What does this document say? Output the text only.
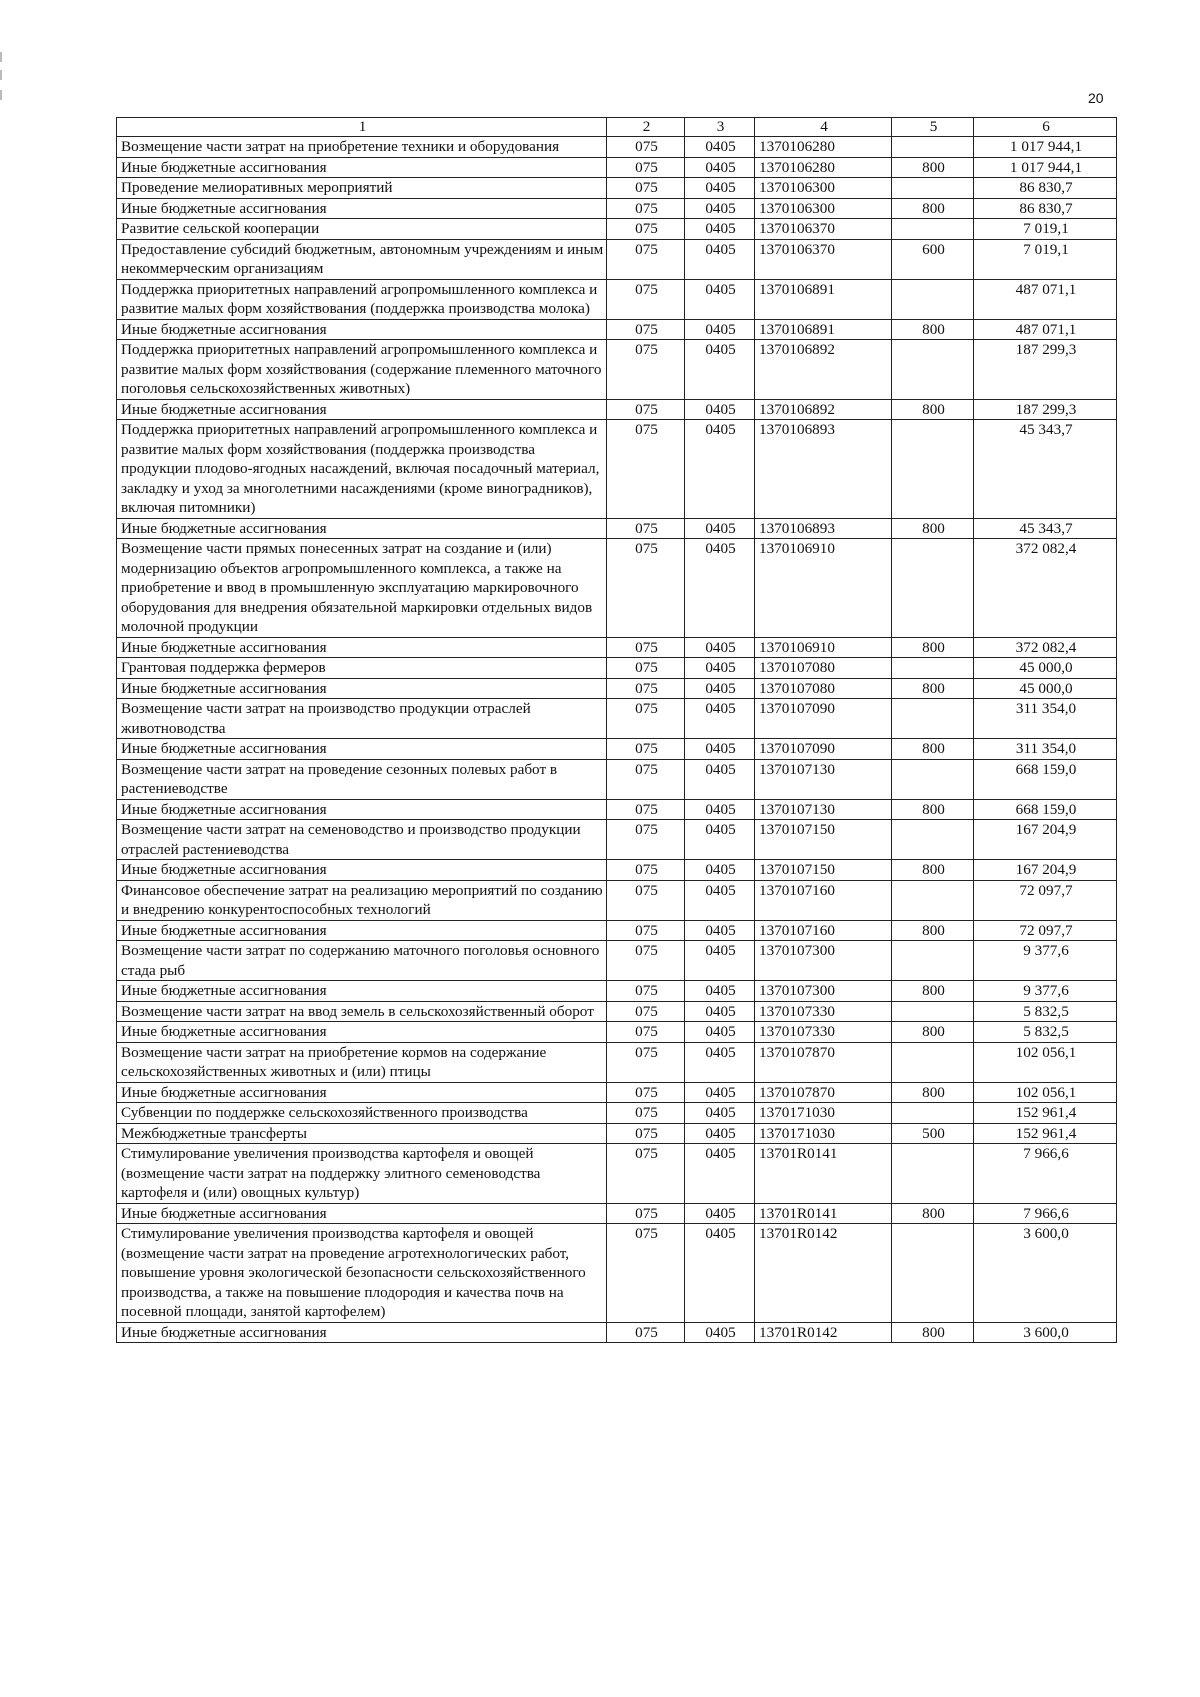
20
1	2	3	4	5	6
Возмещение части затрат на приобретение техники и оборудования	075	0405	1370106280		1 017 944,1
Иные бюджетные ассигнования	075	0405	1370106280	800	1 017 944,1
Проведение мелиоративных мероприятий	075	0405	1370106300		86 830,7
Иные бюджетные ассигнования	075	0405	1370106300	800	86 830,7
Развитие сельской кооперации	075	0405	1370106370		7 019,1
Предоставление субсидий бюджетным, автономным учреждениям и иным некоммерческим организациям	075	0405	1370106370	600	7 019,1
Поддержка приоритетных направлений агропромышленного комплекса и развитие малых форм хозяйствования (поддержка производства молока)	075	0405	1370106891		487 071,1
Иные бюджетные ассигнования	075	0405	1370106891	800	487 071,1
Поддержка приоритетных направлений агропромышленного комплекса и развитие малых форм хозяйствования (содержание племенного маточного поголовья сельскохозяйственных животных)	075	0405	1370106892		187 299,3
Иные бюджетные ассигнования	075	0405	1370106892	800	187 299,3
Поддержка приоритетных направлений агропромышленного комплекса и развитие малых форм хозяйствования (поддержка производства продукции плодово-ягодных насаждений, включая посадочный материал, закладку и уход за многолетними насаждениями (кроме виноградников), включая питомники)	075	0405	1370106893		45 343,7
Иные бюджетные ассигнования	075	0405	1370106893	800	45 343,7
Возмещение части прямых понесенных затрат на создание и (или) модернизацию объектов агропромышленного комплекса, а также на приобретение и ввод в промышленную эксплуатацию маркировочного оборудования для внедрения обязательной маркировки отдельных видов молочной продукции	075	0405	1370106910		372 082,4
Иные бюджетные ассигнования	075	0405	1370106910	800	372 082,4
Грантовая поддержка фермеров	075	0405	1370107080		45 000,0
Иные бюджетные ассигнования	075	0405	1370107080	800	45 000,0
Возмещение части затрат на производство продукции отраслей животноводства	075	0405	1370107090		311 354,0
Иные бюджетные ассигнования	075	0405	1370107090	800	311 354,0
Возмещение части затрат на проведение сезонных полевых работ в растениеводстве	075	0405	1370107130		668 159,0
Иные бюджетные ассигнования	075	0405	1370107130	800	668 159,0
Возмещение части затрат на семеноводство и производство продукции отраслей растениеводства	075	0405	1370107150		167 204,9
Иные бюджетные ассигнования	075	0405	1370107150	800	167 204,9
Финансовое обеспечение затрат на реализацию мероприятий по созданию и внедрению конкурентоспособных технологий	075	0405	1370107160		72 097,7
Иные бюджетные ассигнования	075	0405	1370107160	800	72 097,7
Возмещение части затрат по содержанию маточного поголовья основного стада рыб	075	0405	1370107300		9 377,6
Иные бюджетные ассигнования	075	0405	1370107300	800	9 377,6
Возмещение части затрат на ввод земель в сельскохозяйственный оборот	075	0405	1370107330		5 832,5
Иные бюджетные ассигнования	075	0405	1370107330	800	5 832,5
Возмещение части затрат на приобретение кормов на содержание сельскохозяйственных животных и (или) птицы	075	0405	1370107870		102 056,1
Иные бюджетные ассигнования	075	0405	1370107870	800	102 056,1
Субвенции по поддержке сельскохозяйственного производства	075	0405	1370171030		152 961,4
Межбюджетные трансферты	075	0405	1370171030	500	152 961,4
Стимулирование увеличения производства картофеля и овощей (возмещение части затрат на поддержку элитного семеноводства картофеля и (или) овощных культур)	075	0405	13701R0141		7 966,6
Иные бюджетные ассигнования	075	0405	13701R0141	800	7 966,6
Стимулирование увеличения производства картофеля и овощей (возмещение части затрат на проведение агротехнологических работ, повышение уровня экологической безопасности сельскохозяйственного производства, а также на повышение плодородия и качества почв на посевной площади, занятой картофелем)	075	0405	13701R0142		3 600,0
Иные бюджетные ассигнования	075	0405	13701R0142	800	3 600,0
